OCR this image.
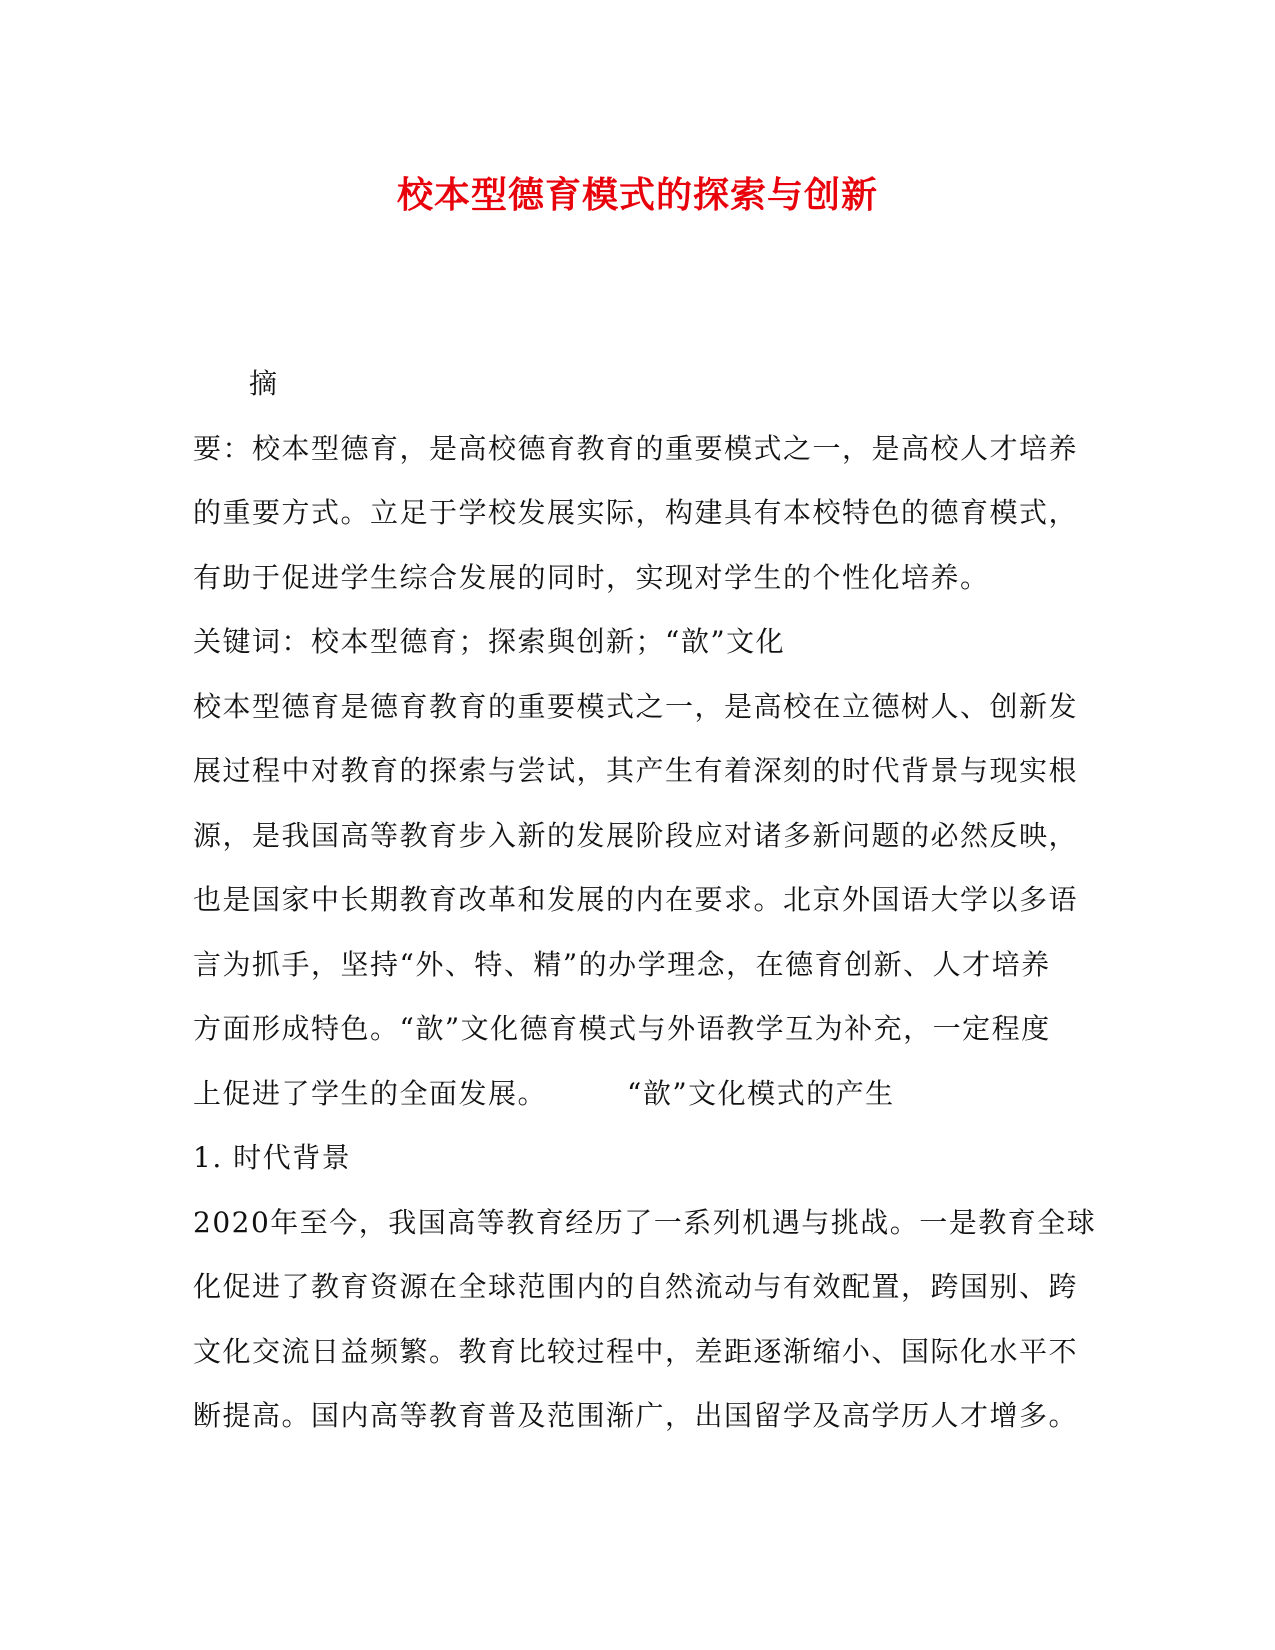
校本型德育模式的探索与创新
摘
要：校本型德育，是高校德育教育的重要模式之一，是高校人才培养
的重要方式。立足于学校发展实际，构建具有本校特色的德育模式，
有助于促进学生综合发展的同时，实现对学生的个性化培养。
关键词：校本型德育；探索與创新；“歆”文化
校本型德育是德育教育的重要模式之一，是高校在立德树人、创新发
展过程中对教育的探索与尝试，其产生有着深刻的时代背景与现实根
源，是我国高等教育步入新的发展阶段应对诸多新问题的必然反映，
也是国家中长期教育改革和发展的内在要求。北京外国语大学以多语
言为抓手，坚持“外、特、精”的办学理念，在德育创新、人才培养
方面形成特色。“歆”文化德育模式与外语教学互为补充，一定程度
上促进了学生的全面发展。	“歆”文化模式的产生
1. 时代背景
2020年至今，我国高等教育经历了一系列机遇与挑战。一是教育全球
化促进了教育资源在全球范围内的自然流动与有效配置，跨国别、跨
文化交流日益频繁。教育比较过程中，差距逐渐缩小、国际化水平不
断提高。国内高等教育普及范围渐广，出国留学及高学历人才增多。
